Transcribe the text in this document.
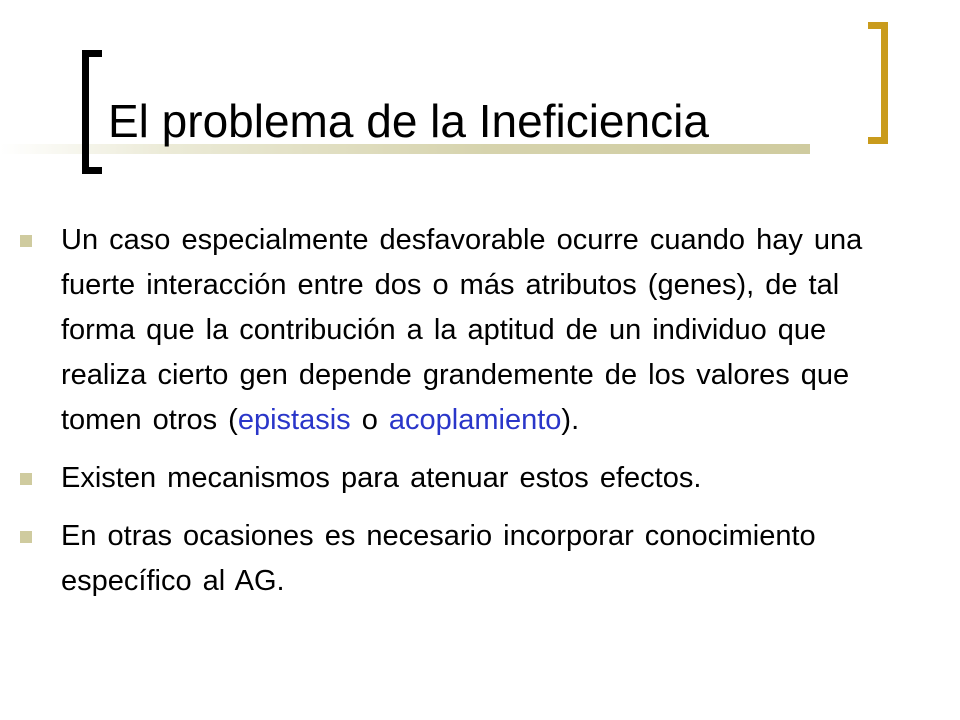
El problema de la Ineficiencia
Un caso especialmente desfavorable ocurre cuando hay una fuerte interacción entre dos o más atributos (genes), de tal forma que la contribución a la aptitud de un individuo que realiza cierto gen depende grandemente de los valores que tomen otros (epistasis o acoplamiento).
Existen mecanismos para atenuar estos efectos.
En otras ocasiones es necesario incorporar conocimiento específico al AG.
